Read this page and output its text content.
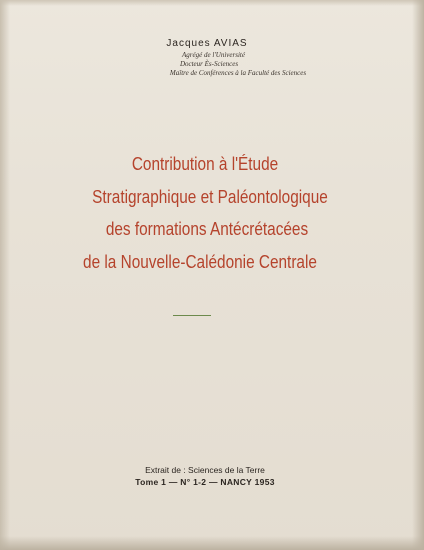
Jacques AVIAS
Agrégé de l'Université
Docteur Ès-Sciences
Maître de Conférences à la Faculté des Sciences
Contribution à l'Étude
Stratigraphique et Paléontologique
des formations Antécrétacées
de la Nouvelle-Calédonie Centrale
Extrait de : Sciences de la Terre
Tome 1 — N° 1-2 — NANCY 1953
